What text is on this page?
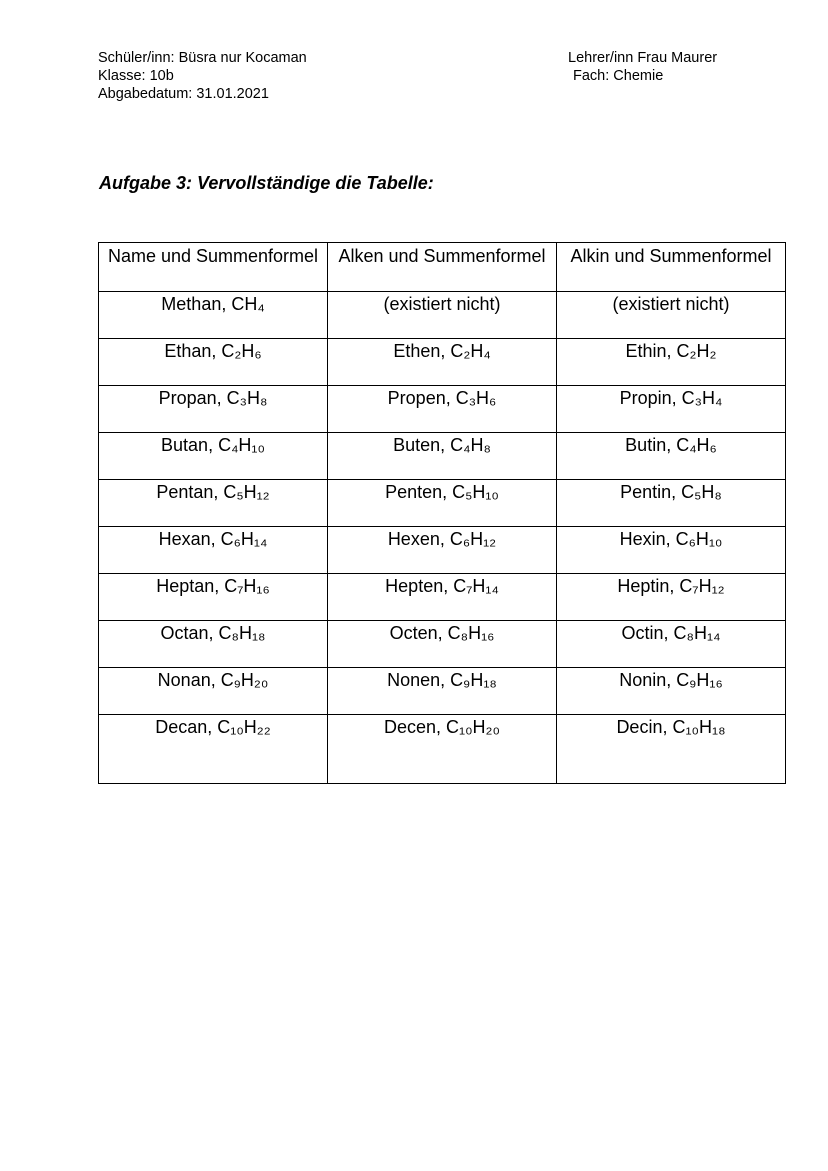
Schüler/inn: Büsra nur Kocaman
Klasse: 10b
Abgabedatum: 31.01.2021
Lehrer/inn Frau Maurer
Fach: Chemie
Aufgabe 3: Vervollständige die Tabelle:
Name und Summenformel	Alken und Summenformel	Alkin und Summenformel
Methan, CH₄	(existiert nicht)	(existiert nicht)
Ethan, C₂H₆	Ethen, C₂H₄	Ethin, C₂H₂
Propan, C₃H₈	Propen, C₃H₆	Propin, C₃H₄
Butan, C₄H₁₀	Buten, C₄H₈	Butin, C₄H₆
Pentan, C₅H₁₂	Penten, C₅H₁₀	Pentin, C₅H₈
Hexan, C₆H₁₄	Hexen, C₆H₁₂	Hexin, C₆H₁₀
Heptan, C₇H₁₆	Hepten, C₇H₁₄	Heptin, C₇H₁₂
Octan, C₈H₁₈	Octen, C₈H₁₆	Octin, C₈H₁₄
Nonan, C₉H₂₀	Nonen, C₉H₁₈	Nonin, C₉H₁₆
Decan, C₁₀H₂₂	Decen, C₁₀H₂₀	Decin, C₁₀H₁₈
